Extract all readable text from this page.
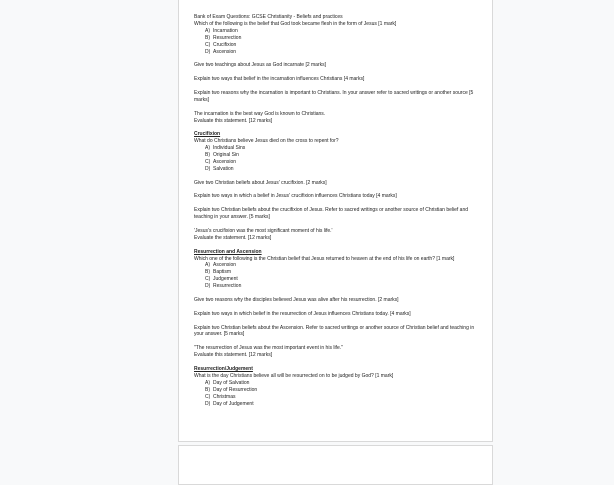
Bank of Exam Questions: GCSE Christianity - Beliefs and practices
Which of the following is the belief that God took became flesh in the form of Jesus [1 mark]
A) Incarnation
B) Resurrection
C) Crucifixion
D) Ascension

Give two teachings about Jesus as God incarnate [2 marks]

Explain two ways that belief in the incarnation influences Christians [4 marks]

Explain two reasons why the incarnation is important to Christians. In your answer refer to sacred writings or another source [5 marks]

The incarnation is the best way God is known to Christians.
Evaluate this statement. [12 marks]

Crucifixion
What do Christians believe Jesus died on the cross to repent for?
A) Individual Sins
B) Original Sin
C) Ascension
D) Salvation

Give two Christian beliefs about Jesus' crucifixion. [2 marks]

Explain two ways in which a belief in Jesus' crucifixion influences Christians today [4 marks]

Explain two Christian beliefs about the crucifixion of Jesus. Refer to sacred writings or another source of Christian belief and teaching in your answer. [5 marks]

'Jesus's crucifixion was the most significant moment of his life.'
Evaluate the statement. [12 marks]

Resurrection and Ascension
Which one of the following is the Christian belief that Jesus returned to heaven at the end of his life on earth? [1 mark]
A) Ascension
B) Baptism
C) Judgement
D) Resurrection

Give two reasons why the disciples believed Jesus was alive after his resurrection. [2 marks]

Explain two ways in which belief in the resurrection of Jesus influences Christians today. [4 marks]

Explain two Christian beliefs about the Ascension. Refer to sacred writings or another source of Christian belief and teaching in your answer. [5 marks]

"The resurrection of Jesus was the most important event in his life."
Evaluate this statement. [12 marks]

Resurrection/Judgement
What is the day Christians believe all will be resurrected on to be judged by God? [1 mark]
A) Day of Salvation
B) Day of Resurrection
C) Christmas
D) Day of Judgement
